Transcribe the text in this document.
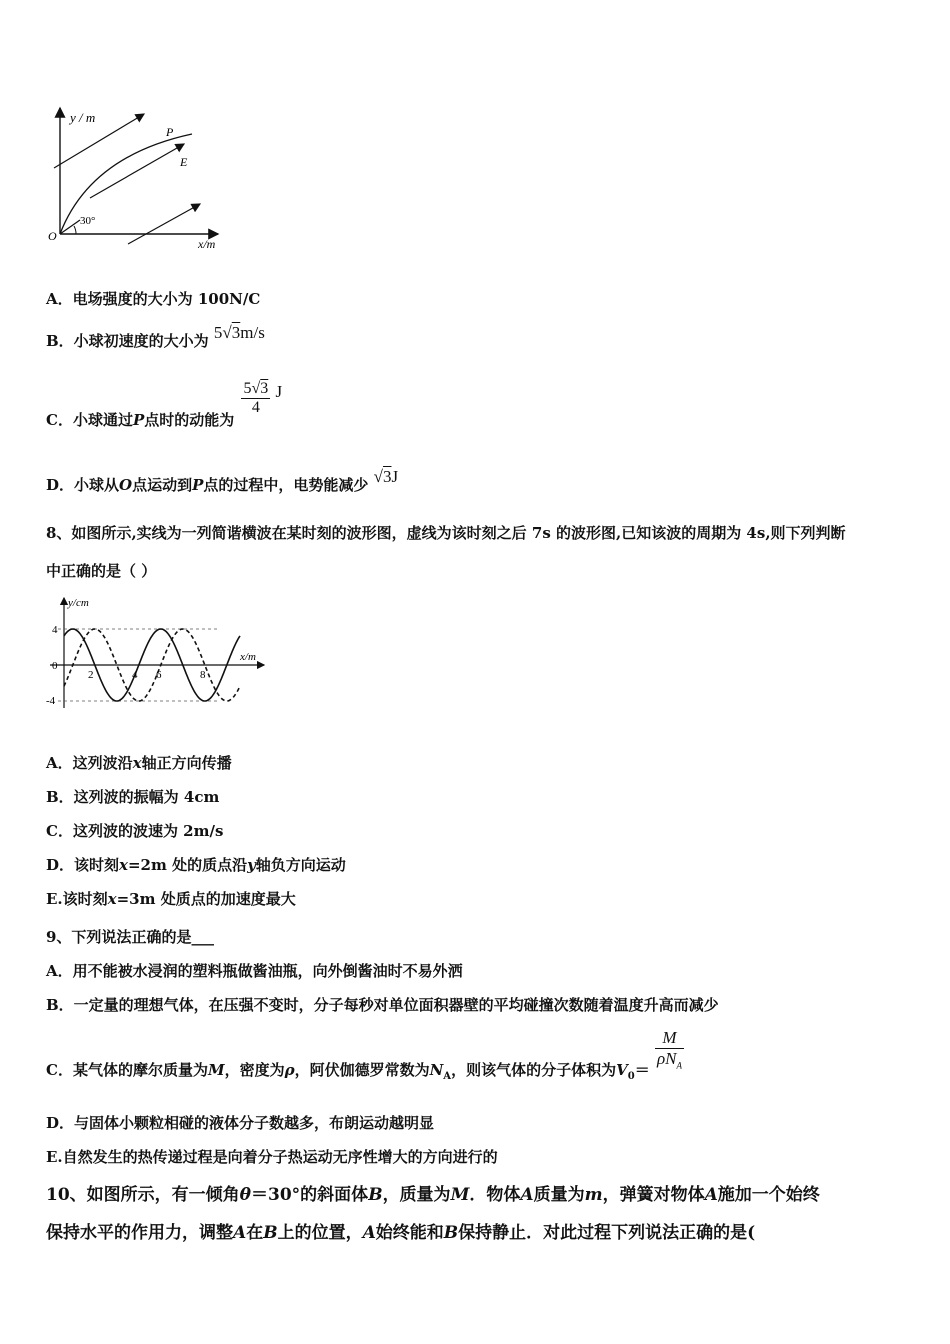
y / m
x/m
O
30°
P
E
A．电场强度的大小为 100N/C
B．小球初速度的大小为 5√3m/s
C．小球通过P点时的动能为
$\frac{5√3}{4}$ J
D．小球从O点运动到P点的过程中，电势能减少 √3J
8、如图所示,实线为一列简谐横波在某时刻的波形图，虚线为该时刻之后 7s 的波形图,已知该波的周期为 4s,则下列判断
中正确的是（ ）
y/cm
x/m
4
0
-4
2	4 6	8
A．这列波沿x轴正方向传播
B．这列波的振幅为 4cm
C．这列波的波速为 2m/s
D．该时刻x=2m 处的质点沿y轴负方向运动
E.该时刻x=3m 处质点的加速度最大
9、下列说法正确的是___
A．用不能被水浸润的塑料瓶做酱油瓶，向外倒酱油时不易外洒
B．一定量的理想气体，在压强不变时，分子每秒对单位面积器壁的平均碰撞次数随着温度升高而减少
C．某气体的摩尔质量为M，密度为ρ，阿伏伽德罗常数为$N_A$，则该气体的分子体积为$V_0= \frac{M}{\rho N_A}$
D．与固体小颗粒相碰的液体分子数越多，布朗运动越明显
E.自然发生的热传递过程是向着分子热运动无序性增大的方向进行的
10、如图所示，有一倾角θ＝30°的斜面体B，质量为M．物体A质量为m，弹簧对物体A施加一个始终
保持水平的作用力，调整A在B上的位置，A始终能和B保持静止．对此过程下列说法正确的是(
